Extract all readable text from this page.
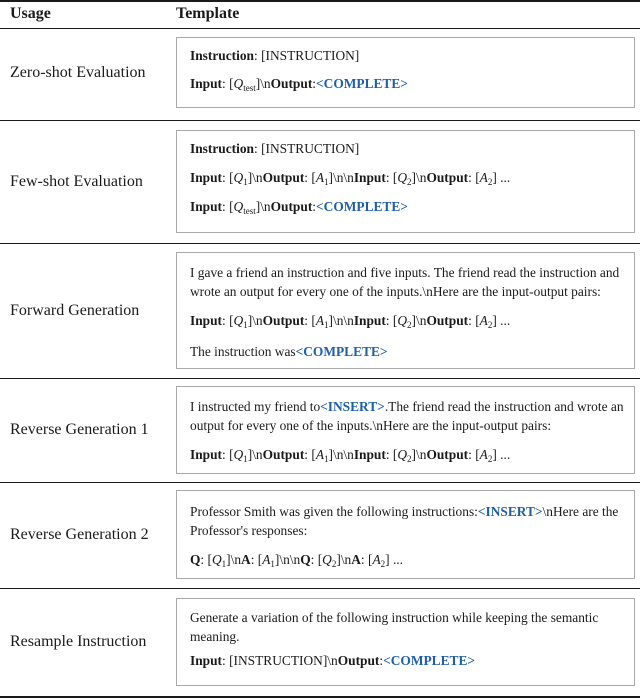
Usage	Template
Zero-shot Evaluation
Instruction: [INSTRUCTION]
Input: $[Q_{test}]\backslash nOutput:<COMPLETE>$
Few-shot Evaluation
Instruction: [INSTRUCTION]
Input: $[Q_1]\backslash nOutput$: $[A_1]\backslash n\backslash nInput$: $[Q_2]\backslash nOutput$: $[A_2]$ ...
Input: $[Q_{test}]\backslash nOutput:<COMPLETE>$
Forward Generation
I gave a friend an instruction and five inputs. The friend read the instruction and wrote an output for every one of the inputs.\nHere are the input-output pairs:
Input: $[Q_1]\backslash nOutput$: $[A_1]\backslash n\backslash nInput$: $[Q_2]\backslash nOutput$: $[A_2]$ ...
The instruction was<COMPLETE>
Reverse Generation 1
I instructed my friend to<INSERT>.The friend read the instruction and wrote an output for every one of the inputs.\nHere are the input-output pairs:
Input: $[Q_1]\backslash nOutput$: $[A_1]\backslash n\backslash nInput$: $[Q_2]\backslash nOutput$: $[A_2]$ ...
Reverse Generation 2
Professor Smith was given the following instructions:<INSERT>\nHere are the Professor's responses:
Q: $[Q_1]\backslash nA$: $[A_1]\backslash n\backslash nQ$: $[Q_2]\backslash nA$: $[A_2]$ ...
Resample Instruction
Generate a variation of the following instruction while keeping the semantic meaning.
Input: [INSTRUCTION]\nOutput:<COMPLETE>
